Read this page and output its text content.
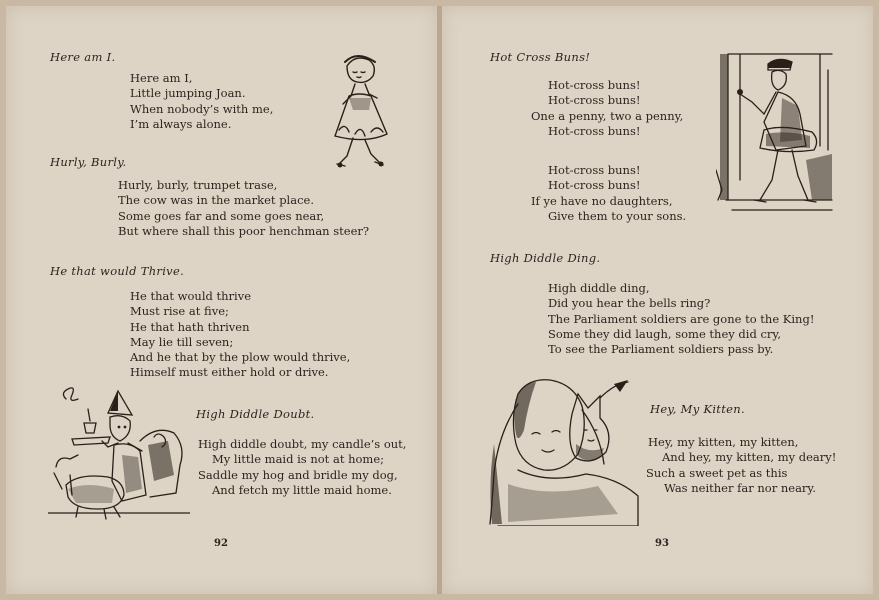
Here am I.
Here am I,
Little jumping Joan.
When nobody’s with me,
I’m always alone.
Hurly, Burly.
Hurly, burly, trumpet trase,
The cow was in the market place.
Some goes far and some goes near,
But where shall this poor henchman steer?
He that would Thrive.
He that would thrive
Must rise at five;
He that hath thriven
May lie till seven;
And he that by the plow would thrive,
Himself must either hold or drive.
High Diddle Doubt.
High diddle doubt, my candle’s out,
My little maid is not at home;
Saddle my hog and bridle my dog,
And fetch my little maid home.
92
Hot Cross Buns!
Hot-cross buns!
Hot-cross buns!
One a penny, two a penny,
Hot-cross buns!
Hot-cross buns!
Hot-cross buns!
If ye have no daughters,
Give them to your sons.
High Diddle Ding.
High diddle ding,
Did you hear the bells ring?
The Parliament soldiers are gone to the King!
Some they did laugh, some they did cry,
To see the Parliament soldiers pass by.
Hey, My Kitten.
Hey, my kitten, my kitten,
And hey, my kitten, my deary!
Such a sweet pet as this
Was neither far nor neary.
93
